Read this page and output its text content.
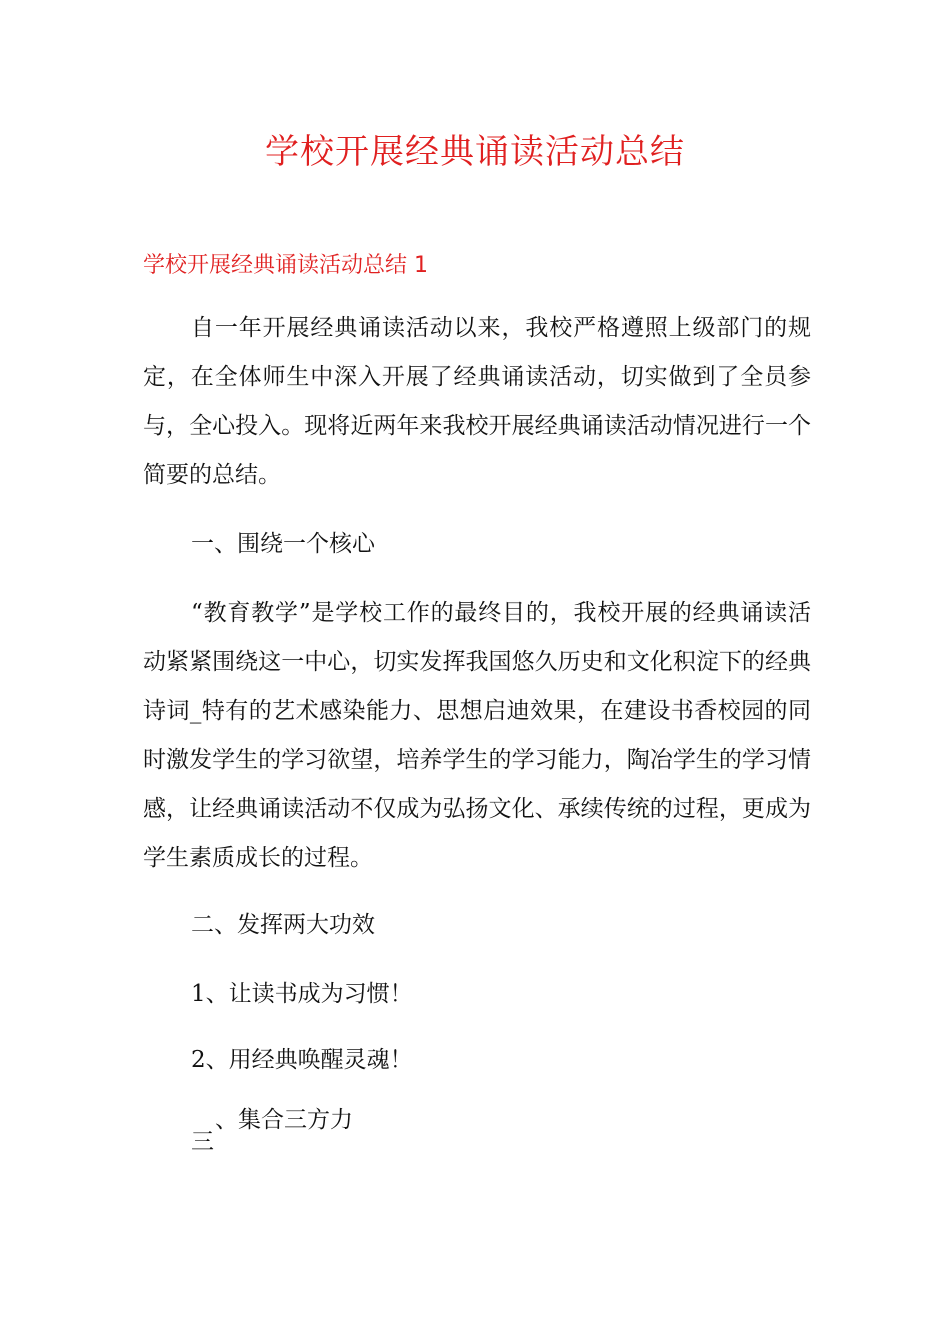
学校开展经典诵读活动总结
学校开展经典诵读活动总结 1

自一年开展经典诵读活动以来，我校严格遵照上级部门的规定，在全体师生中深入开展了经典诵读活动，切实做到了全员参与，全心投入。现将近两年来我校开展经典诵读活动情况进行一个简要的总结。

一、围绕一个核心

“教育教学”是学校工作的最终目的，我校开展的经典诵读活动紧紧围绕这一中心，切实发挥我国悠久历史和文化积淀下的经典诗词_特有的艺术感染能力、思想启迪效果，在建设书香校园的同时激发学生的学习欲望，培养学生的学习能力，陶冶学生的学习情感，让经典诵读活动不仅成为弘扬文化、承续传统的过程，更成为学生素质成长的过程。

二、发挥两大功效

1、让读书成为习惯！

2、用经典唤醒灵魂！

、集合三方力

三
